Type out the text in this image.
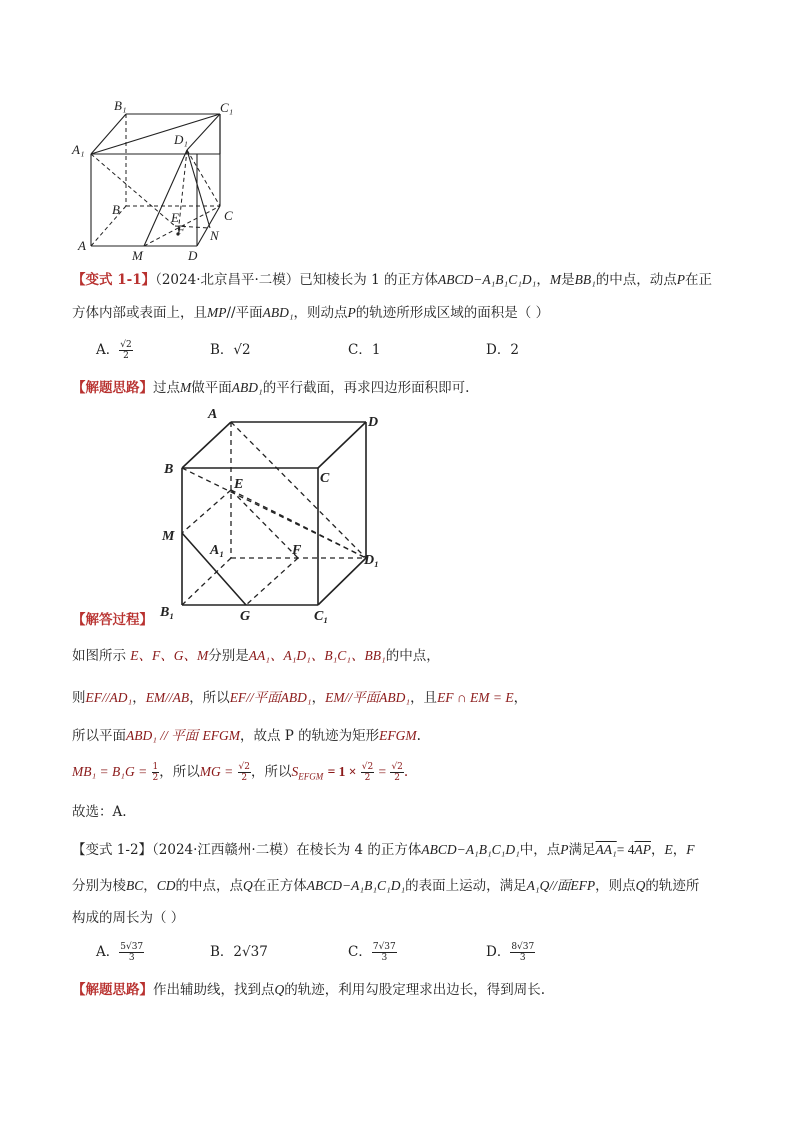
B₁	C₁
D₁
A₁
B
E
F
C
N
A
M	D
【变式 1-1】（2024·北京昌平·二模）已知棱长为 1 的正方体ABCD−A₁B₁C₁D₁，M是BB₁的中点，动点P在正
方体内部或表面上，且MP//平面ABD₁，则动点P的轨迹所形成区域的面积是（ ）
A． $\frac{√2}{2}$	B．√2	C．1	D．2
【解题思路】过点M做平面ABD₁的平行截面，再求四边形面积即可.
A
D
B
C
E
M
A₁	F
D₁
B₁	G	C₁
【解答过程】
如图所示 E、F、G、M分别是AA₁、A₁D₁、B₁C₁、BB₁的中点，
则EF//AD₁，EM//AB，所以EF//平面ABD₁，EM//平面ABD₁，且EF ∩ EM = E，
所以平面ABD₁ // 平面 EFGM，故点 P 的轨迹为矩形EFGM.
$MB_1 = B_1G = \frac{1}{2}$ ，所以MG = $\frac{√2}{2}$ ，所以$S_{EFGM} = 1 \times \frac{√2}{2} = \frac{√2}{2}$ .
故选：A.
【变式 1-2】（2024·江西赣州·二模）在棱长为 4 的正方体ABCD−A₁B₁C₁D₁中，点P满足$AA_1= 4\overline{AP}$，E，F
分别为棱BC，CD的中点，点Q在正方体ABCD−A₁B₁C₁D₁的表面上运动，满足A₁Q//面EFP，则点Q的轨迹所
构成的周长为（ ）
A． $\frac{5√37}{3}$	B．2√37	C． $\frac{7√37}{3}$	D． $\frac{8√37}{3}$
【解题思路】作出辅助线，找到点Q的轨迹，利用勾股定理求出边长，得到周长.
